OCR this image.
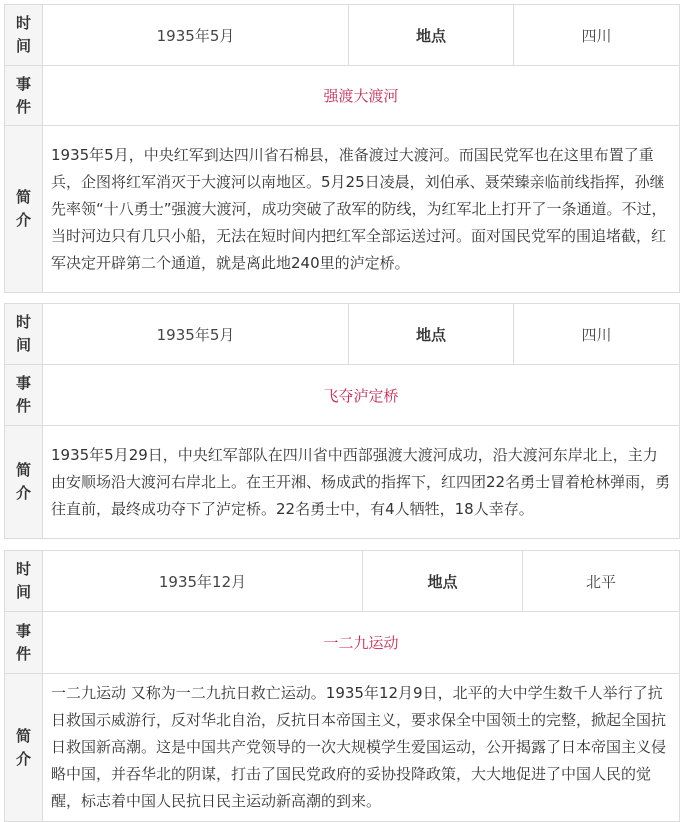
时
间	1935年5月	地点	四川

事
件	强渡大渡河		

简
介	1935年5月，中央红军到达四川省石棉县，准备渡过大渡河。而国民党军也在这里布置了重兵，企图将红军消灭于大渡河以南地区。5月25日凌晨，刘伯承、聂荣臻亲临前线指挥，孙继先率领“十八勇士”强渡大渡河，成功突破了敌军的防线，为红军北上打开了一条通道。不过，当时河边只有几只小船，无法在短时间内把红军全部运送过河。面对国民党军的围追堵截，红军决定开辟第二个通道，就是离此地240里的泸定桥。		
时
间	1935年5月	地点	四川

事
件	飞夺泸定桥		

简
介	1935年5月29日，中央红军部队在四川省中西部强渡大渡河成功，沿大渡河东岸北上，主力由安顺场沿大渡河右岸北上。在王开湘、杨成武的指挥下，红四团22名勇士冒着枪林弹雨，勇往直前，最终成功夺下了泸定桥。22名勇士中，有4人牺牲，18人幸存。		
时
间	1935年12月	地点	北平

事
件	一二九运动		

简
介	一二九运动 又称为一二九抗日救亡运动。1935年12月9日，北平的大中学生数千人举行了抗日救国示威游行，反对华北自治，反抗日本帝国主义，要求保全中国领土的完整，掀起全国抗日救国新高潮。这是中国共产党领导的一次大规模学生爱国运动，公开揭露了日本帝国主义侵略中国，并吞华北的阴谋，打击了国民党政府的妥协投降政策，大大地促进了中国人民的觉醒，标志着中国人民抗日民主运动新高潮的到来。		
